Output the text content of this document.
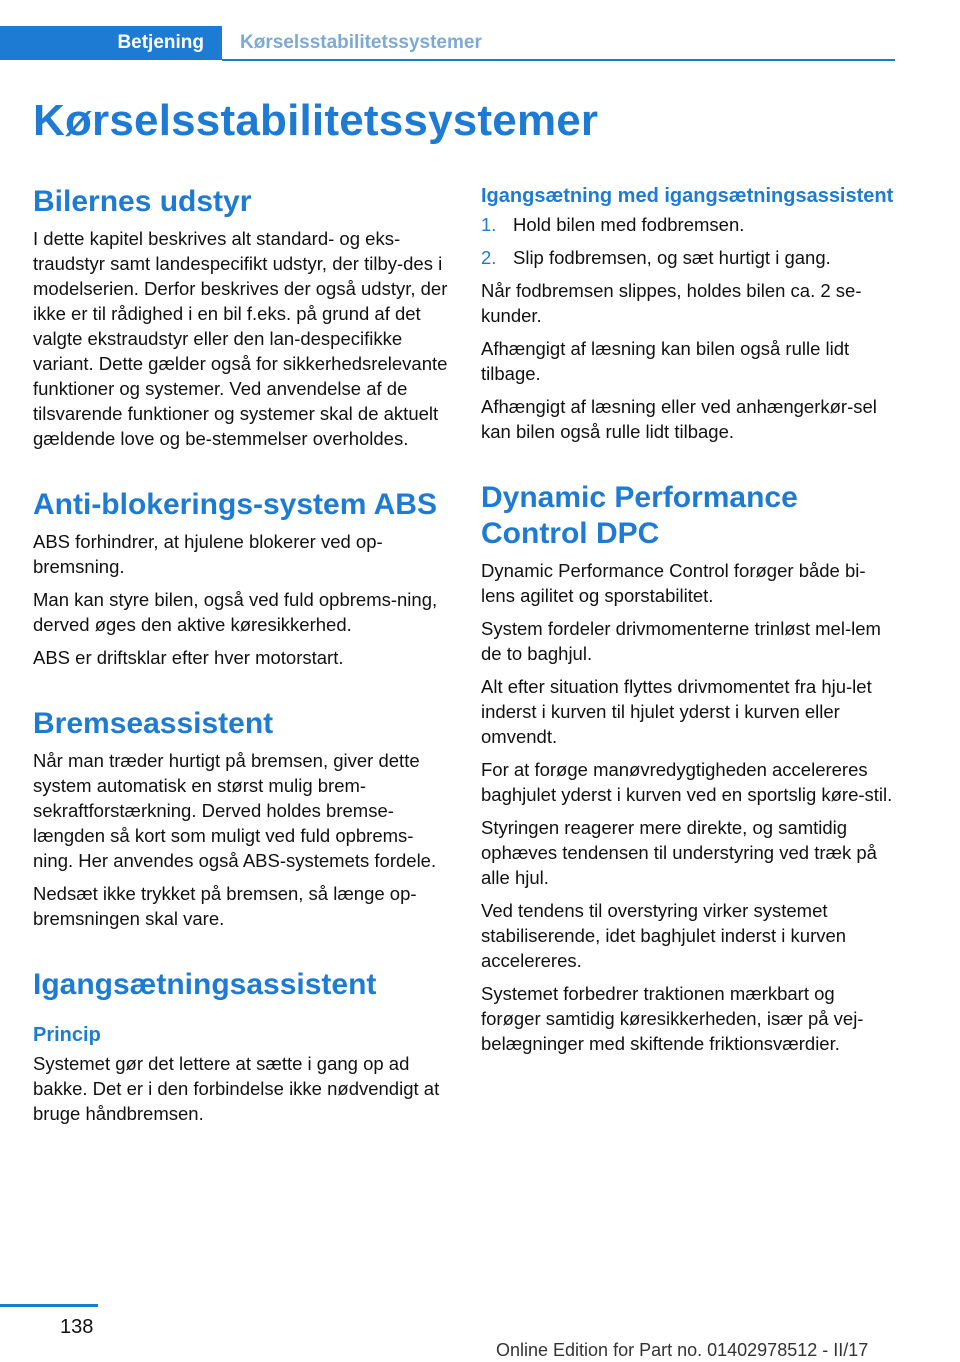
Betjening Kørselsstabilitetssystemer
Kørselsstabilitetssystemer
Bilernes udstyr

I dette kapitel beskrives alt standard- og eks-traudstyr samt landespecifikt udstyr, der tilby-des i modelserien. Derfor beskrives der også udstyr, der ikke er til rådighed i en bil f.eks. på grund af det valgte ekstraudstyr eller den lan-despecifikke variant. Dette gælder også for sikkerhedsrelevante funktioner og systemer. Ved anvendelse af de tilsvarende funktioner og systemer skal de aktuelt gældende love og be-stemmelser overholdes.

Anti-blokerings-system ABS

ABS forhindrer, at hjulene blokerer ved op-bremsning.

Man kan styre bilen, også ved fuld opbrems-ning, derved øges den aktive køresikkerhed.

ABS er driftsklar efter hver motorstart.

Bremseassistent

Når man træder hurtigt på bremsen, giver dette system automatisk en størst mulig brem-sekraftforstærkning. Derved holdes bremse-længden så kort som muligt ved fuld opbrems-ning. Her anvendes også ABS-systemets fordele.

Nedsæt ikke trykket på bremsen, så længe op-bremsningen skal vare.

Igangsætningsassistent
Princip

Systemet gør det lettere at sætte i gang op ad bakke. Det er i den forbindelse ikke nødvendigt at bruge håndbremsen.

Igangsætning med igangsætningsassistent
1. Hold bilen med fodbremsen.
2. Slip fodbremsen, og sæt hurtigt i gang.

Når fodbremsen slippes, holdes bilen ca. 2 se-kunder.

Afhængigt af læsning kan bilen også rulle lidt tilbage.

Afhængigt af læsning eller ved anhængerkør-sel kan bilen også rulle lidt tilbage.

Dynamic Performance Control DPC

Dynamic Performance Control forøger både bi-lens agilitet og sporstabilitet.

System fordeler drivmomenterne trinløst mel-lem de to baghjul.

Alt efter situation flyttes drivmomentet fra hju-let inderst i kurven til hjulet yderst i kurven eller omvendt.

For at forøge manøvredygtigheden accelereres baghjulet yderst i kurven ved en sportslig køre-stil.

Styringen reagerer mere direkte, og samtidig ophæves tendensen til understyring ved træk på alle hjul.

Ved tendens til overstyring virker systemet stabiliserende, idet baghjulet inderst i kurven accelereres.

Systemet forbedrer traktionen mærkbart og forøger samtidig køresikkerheden, især på vej-belægninger med skiftende friktionsværdier.

138
Online Edition for Part no. 01402978512 - II/17
